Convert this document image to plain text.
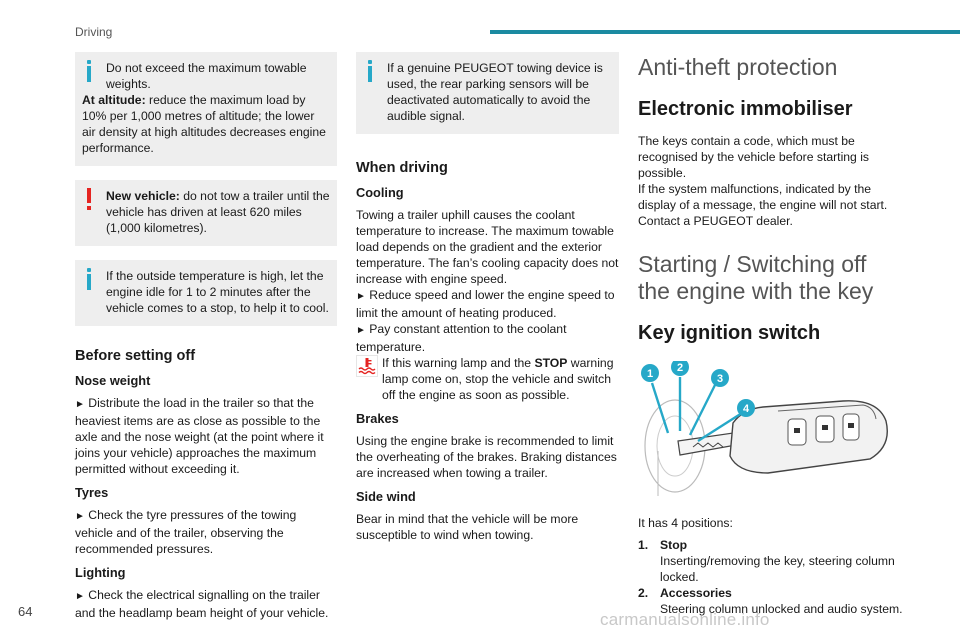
Driving

Do not exceed the maximum towable weights.

At altitude: reduce the maximum load by 10% per 1,000 metres of altitude; the lower air density at high altitudes decreases engine performance.

New vehicle: do not tow a trailer until the vehicle has driven at least 620 miles (1,000 kilometres).

If the outside temperature is high, let the engine idle for 1 to 2 minutes after the vehicle comes to a stop, to help it to cool.

Before setting off
Nose weight

► Distribute the load in the trailer so that the heaviest items are as close as possible to the axle and the nose weight (at the point where it joins your vehicle) approaches the maximum permitted without exceeding it.

Tyres

► Check the tyre pressures of the towing vehicle and of the trailer, observing the recommended pressures.

Lighting

► Check the electrical signalling on the trailer and the headlamp beam height of your vehicle.

If a genuine PEUGEOT towing device is used, the rear parking sensors will be deactivated automatically to avoid the audible signal.

When driving
Cooling

Towing a trailer uphill causes the coolant temperature to increase. The maximum towable load depends on the gradient and the exterior temperature. The fan’s cooling capacity does not increase with engine speed.

► Reduce speed and lower the engine speed to limit the amount of heating produced.

► Pay constant attention to the coolant temperature.

If this warning lamp and the STOP warning lamp come on, stop the vehicle and switch off the engine as soon as possible.

Brakes

Using the engine brake is recommended to limit the overheating of the brakes. Braking distances are increased when towing a trailer.

Side wind

Bear in mind that the vehicle will be more susceptible to wind when towing.

Anti-theft protection
Electronic immobiliser

The keys contain a code, which must be recognised by the vehicle before starting is possible.

If the system malfunctions, indicated by the display of a message, the engine will not start. Contact a PEUGEOT dealer.

Starting / Switching off the engine with the key
Key ignition switch
1 2
3
4

It has 4 positions:

1. Stop
Inserting/removing the key, steering column locked.
2. Accessories
Steering column unlocked and audio system.
64	carmanualsonline.info
